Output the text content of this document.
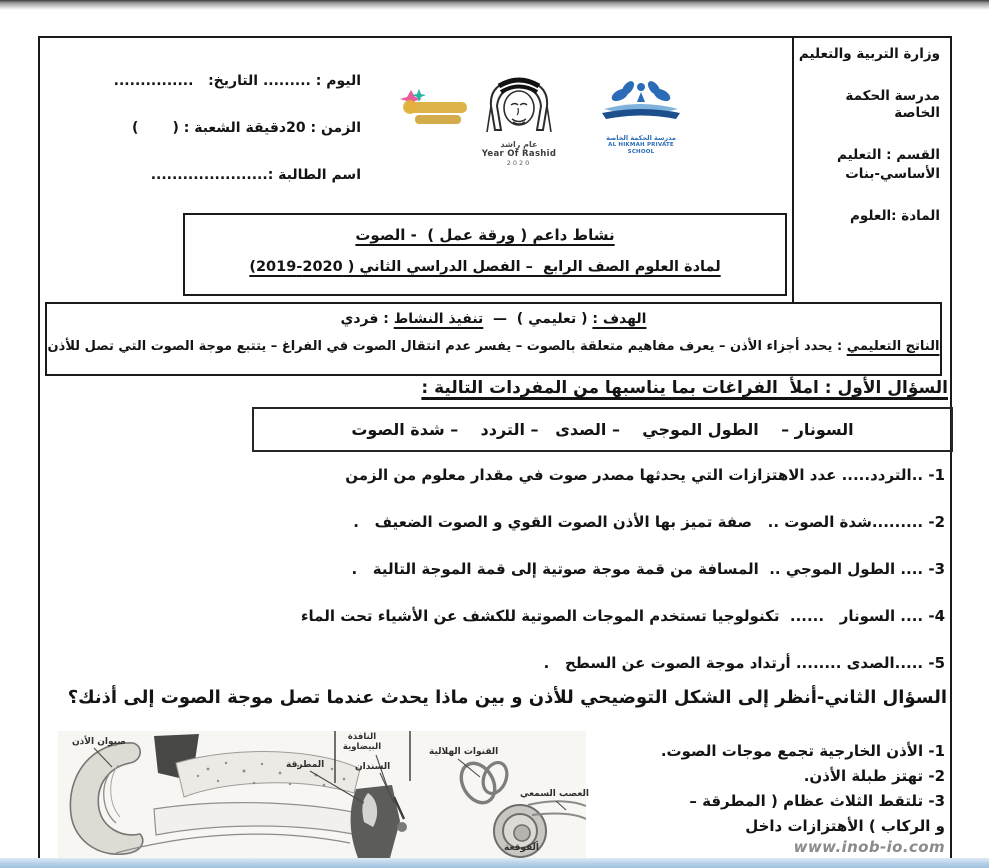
وزارة التربية والتعليم
مدرسة الحكمة الخاصة
القسم : التعليم
الأساسي-بنات
المادة :العلوم
اليوم : ......... التاريخ:   ...............
الزمن : 20دقيقة الشعبة : (       )
اسم الطالبة :......................
عام راشد
Year Of Rashid
2020
مدرسة الحكمة الخاصة
AL HIKMAH PRIVATE SCHOOL
نشاط داعم ( ورقة عمل )  - الصوت
لمادة العلوم الصف الرابع  – الفصل الدراسي الثاني ( 2020-2019)
الهدف : ( تعليمي )  —  تنفيذ النشاط : فردي
الناتج التعليمي : يحدد أجزاء الأذن – يعرف مفاهيم متعلقة بالصوت – يفسر عدم انتقال الصوت في الفراغ – يتتبع موجة الصوت التي تصل للأذن
السؤال الأول : املأ  الفراغات بما يناسبها من المفردات التالية :
السونار –    الطول الموجي    – الصدى   – التردد    – شدة الصوت
1- ..التردد..... عدد الاهتزازات التي يحدثها مصدر صوت في مقدار معلوم من الزمن
2- .........شدة الصوت ..   صفة تميز بها الأذن الصوت القوي و الصوت الضعيف   .
3- .... الطول الموجي ..  المسافة من قمة موجة صوتية إلى قمة الموجة التالية   .
4- .... السونار   ......  تكنولوجيا تستخدم الموجات الصوتية للكشف عن الأشياء تحت الماء
5- .....الصدى ........ أرتداد موجة الصوت عن السطح   .
السؤال الثاني-أنظر إلى الشكل التوضيحي للأذن و بين ماذا يحدث عندما تصل موجة الصوت إلى أذنك؟
1- الأذن الخارجية تجمع موجات الصوت.
2- تهتز طبلة الأذن.
3- تلتقط الثلاث عظام ( المطرقة –
و الركاب ) الأهتزازات داخل
صيوان الأذن
المطرقة
النافذة البيضاوية
السندان
القنوات الهلالية
العصب السمعي
القوقعة	www.inob-io.com
